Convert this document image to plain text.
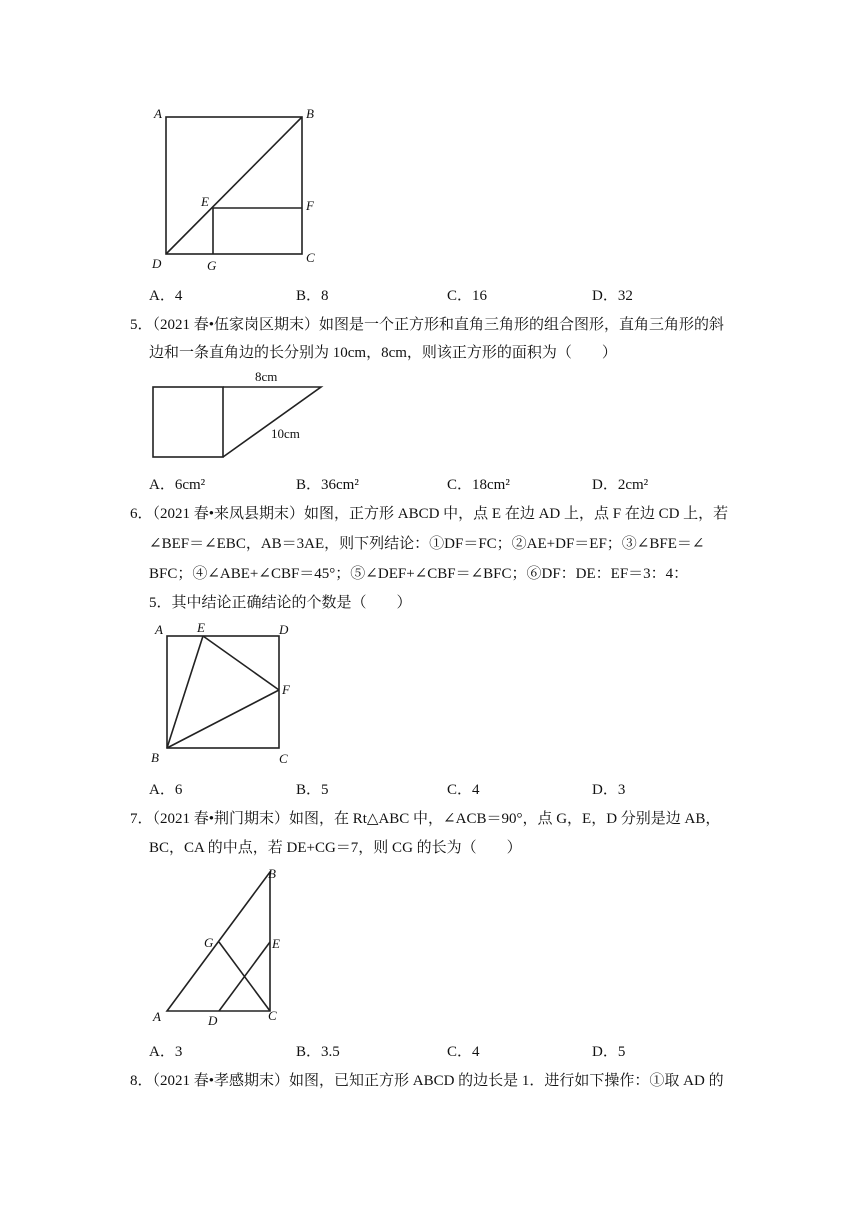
A	B
C
D
E	F
G
A．4	B．8	C．16	D．32
5．（2021 春•伍家岗区期末）如图是一个正方形和直角三角形的组合图形，直角三角形的斜
边和一条直角边的长分别为 10cm，8cm，则该正方形的面积为（　　）
8cm
10cm
A．6cm²	B．36cm²	C．18cm²	D．2cm²
6．（2021 春•来凤县期末）如图，正方形 ABCD 中，点 E 在边 AD 上，点 F 在边 CD 上，若
∠BEF＝∠EBC，AB＝3AE，则下列结论：①DF＝FC；②AE+DF＝EF；③∠BFE＝∠
BFC；④∠ABE+∠CBF＝45°；⑤∠DEF+∠CBF＝∠BFC；⑥DF：DE：EF＝3：4：
5．其中结论正确结论的个数是（　　）
A	E	D
F
B	C
A．6	B．5	C．4	D．3
7．（2021 春•荆门期末）如图，在 Rt△ABC 中，∠ACB＝90°，点 G，E，D 分别是边 AB，
BC，CA 的中点，若 DE+CG＝7，则 CG 的长为（　　）
B
G	E
A	D	C
A．3	B．3.5	C．4	D．5
8．（2021 春•孝感期末）如图，已知正方形 ABCD 的边长是 1．进行如下操作：①取 AD 的
